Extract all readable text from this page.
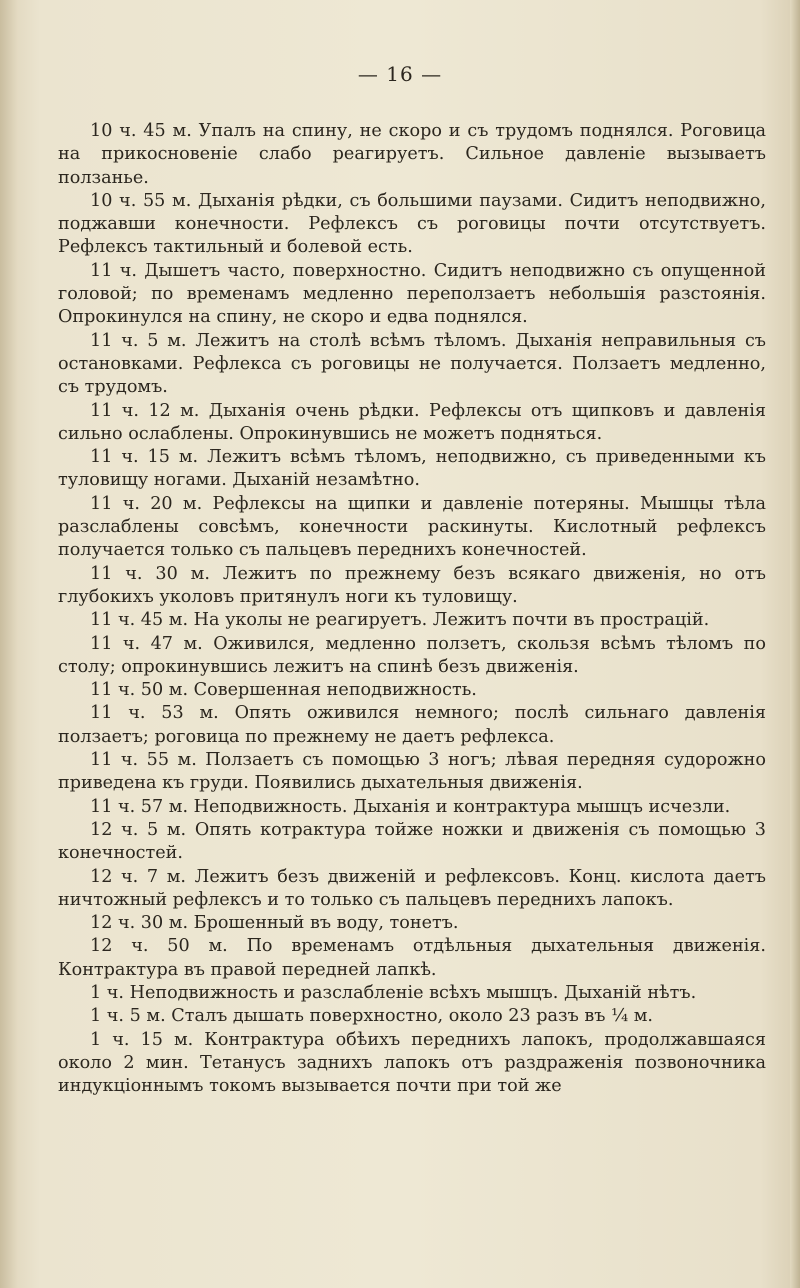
— 16 —

10 ч. 45 м. Упалъ на спину, не скоро и съ трудомъ поднялся. Роговица на прикосновеніе слабо реагируетъ. Сильное давленіе вызываетъ ползанье.

10 ч. 55 м. Дыханія рѣдки, съ большими паузами. Сидитъ неподвижно, поджавши конечности. Рефлексъ съ роговицы почти отсутствуетъ. Рефлексъ тактильный и болевой есть.

11 ч. Дышетъ часто, поверхностно. Сидитъ неподвижно съ опущенной головой; по временамъ медленно переползаетъ небольшія разстоянія. Опрокинулся на спину, не скоро и едва поднялся.

11 ч. 5 м. Лежитъ на столѣ всѣмъ тѣломъ. Дыханія неправильныя съ остановками. Рефлекса съ роговицы не получается. Ползаетъ медленно, съ трудомъ.

11 ч. 12 м. Дыханія очень рѣдки. Рефлексы отъ щипковъ и давленія сильно ослаблены. Опрокинувшись не можетъ подняться.

11 ч. 15 м. Лежитъ всѣмъ тѣломъ, неподвижно, съ приведенными къ туловищу ногами. Дыханій незамѣтно.

11 ч. 20 м. Рефлексы на щипки и давленіе потеряны. Мышцы тѣла разслаблены совсѣмъ, конечности раскинуты. Кислотный рефлексъ получается только съ пальцевъ переднихъ конечностей.

11 ч. 30 м. Лежитъ по прежнему безъ всякаго движенія, но отъ глубокихъ уколовъ притянулъ ноги къ туловищу.

11 ч. 45 м. На уколы не реагируетъ. Лежитъ почти въ прострацій.

11 ч. 47 м. Оживился, медленно ползетъ, скользя всѣмъ тѣломъ по столу; опрокинувшись лежитъ на спинѣ безъ движенія.

11 ч. 50 м. Совершенная неподвижность.

11 ч. 53 м. Опять оживился немного; послѣ сильнаго давленія ползаетъ; роговица по прежнему не даетъ рефлекса.

11 ч. 55 м. Ползаетъ съ помощью 3 ногъ; лѣвая передняя судорожно приведена къ груди. Появились дыхательныя движенія.

11 ч. 57 м. Неподвижность. Дыханія и контрактура мышцъ исчезли.

12 ч. 5 м. Опять котрактура тойже ножки и движенія съ помощью 3 конечностей.

12 ч. 7 м. Лежитъ безъ движеній и рефлексовъ. Конц. кислота даетъ ничтожный рефлексъ и то только съ пальцевъ переднихъ лапокъ.

12 ч. 30 м. Брошенный въ воду, тонетъ.

12 ч. 50 м. По временамъ отдѣльныя дыхательныя движенія. Контрактура въ правой передней лапкѣ.

1 ч. Неподвижность и разслабленіе всѣхъ мышцъ. Дыханій нѣтъ.

1 ч. 5 м. Сталъ дышать поверхностно, около 23 разъ въ ¼ м.

1 ч. 15 м. Контрактура обѣихъ переднихъ лапокъ, продолжавшаяся около 2 мин. Тетанусъ заднихъ лапокъ отъ раздраженія позвоночника индукціоннымъ токомъ вызывается почти при той же
